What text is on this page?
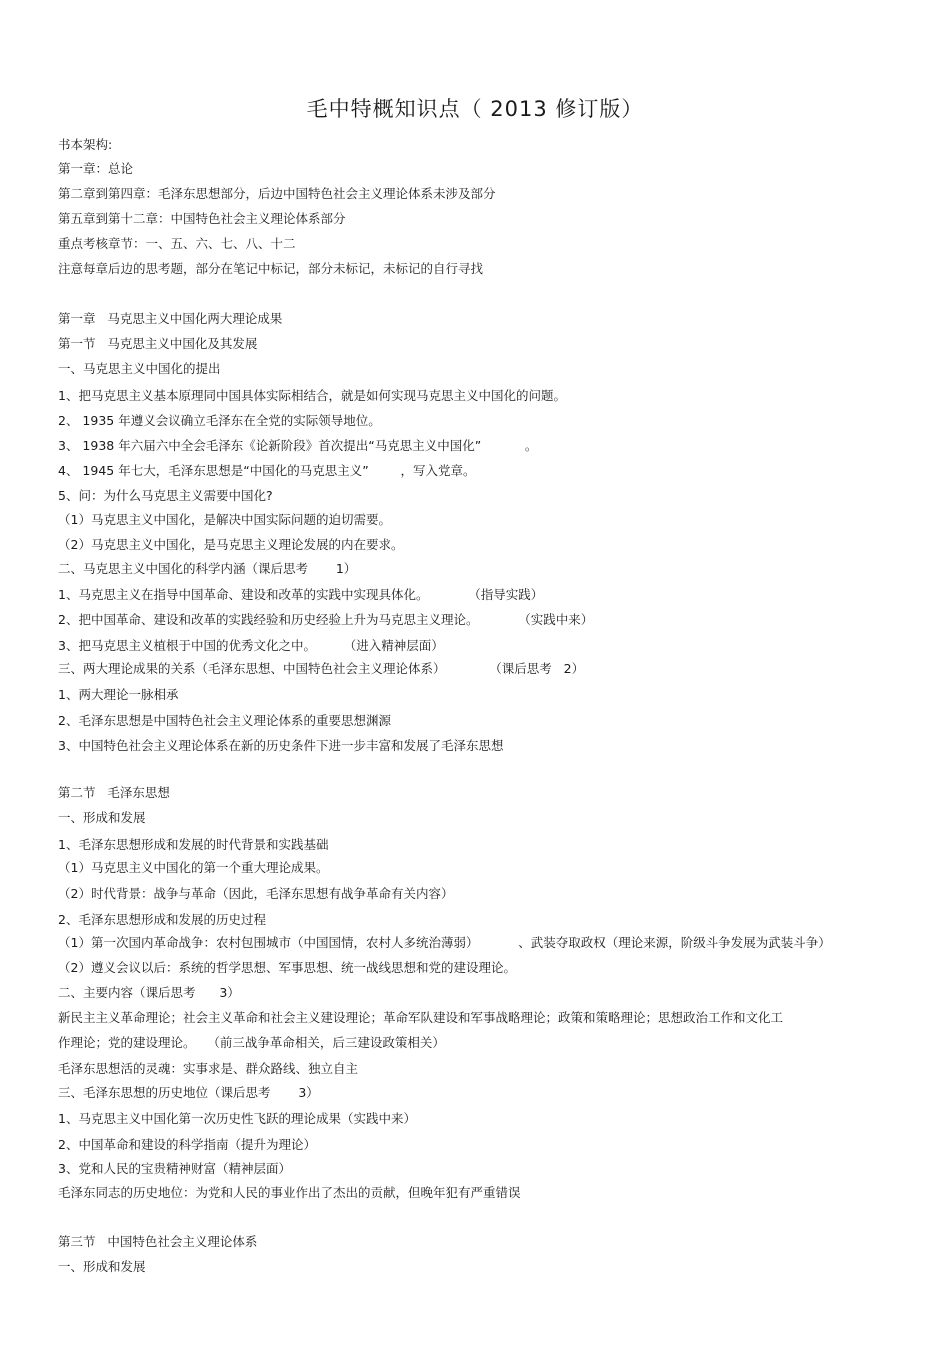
毛中特概知识点（ 2013 修订版）
书本架构:
第一章：总论
第二章到第四章：毛泽东思想部分，后边中国特色社会主义理论体系未涉及部分
第五章到第十二章：中国特色社会主义理论体系部分
重点考核章节：一、五、六、七、八、十二
注意每章后边的思考题，部分在笔记中标记，部分未标记，未标记的自行寻找
第一章   马克思主义中国化两大理论成果
第一节   马克思主义中国化及其发展
一、马克思主义中国化的提出
1、把马克思主义基本原理同中国具体实际相结合，就是如何实现马克思主义中国化的问题。
2、 1935 年遵义会议确立毛泽东在全党的实际领导地位。
3、 1938 年六届六中全会毛泽东《论新阶段》首次提出“马克思主义中国化”           。
4、 1945 年七大，毛泽东思想是“中国化的马克思主义”        ，写入党章。
5、问：为什么马克思主义需要中国化?
（1）马克思主义中国化，是解决中国实际问题的迫切需要。
（2）马克思主义中国化，是马克思主义理论发展的内在要求。
二、马克思主义中国化的科学内涵（课后思考       1）
1、马克思主义在指导中国革命、建设和改革的实践中实现具体化。          （指导实践）
2、把中国革命、建设和改革的实践经验和历史经验上升为马克思主义理论。          （实践中来）
3、把马克思主义植根于中国的优秀文化之中。       （进入精神层面）
三、两大理论成果的关系（毛泽东思想、中国特色社会主义理论体系）           （课后思考   2）
1、两大理论一脉相承
2、毛泽东思想是中国特色社会主义理论体系的重要思想渊源
3、中国特色社会主义理论体系在新的历史条件下进一步丰富和发展了毛泽东思想
第二节   毛泽东思想
一、形成和发展
1、毛泽东思想形成和发展的时代背景和实践基础
（1）马克思主义中国化的第一个重大理论成果。
（2）时代背景：战争与革命（因此，毛泽东思想有战争革命有关内容）
2、毛泽东思想形成和发展的历史过程
（1）第一次国内革命战争：农村包围城市（中国国情，农村人多统治薄弱）          、武装夺取政权（理论来源，阶级斗争发展为武装斗争）
（2）遵义会议以后：系统的哲学思想、军事思想、统一战线思想和党的建设理论。
二、主要内容（课后思考      3）
新民主主义革命理论；社会主义革命和社会主义建设理论；革命军队建设和军事战略理论；政策和策略理论；思想政治工作和文化工
作理论；党的建设理论。   （前三战争革命相关，后三建设政策相关）
毛泽东思想活的灵魂：实事求是、群众路线、独立自主
三、毛泽东思想的历史地位（课后思考       3）
1、马克思主义中国化第一次历史性飞跃的理论成果（实践中来）
2、中国革命和建设的科学指南（提升为理论）
3、党和人民的宝贵精神财富（精神层面）
毛泽东同志的历史地位：为党和人民的事业作出了杰出的贡献，但晚年犯有严重错误
第三节   中国特色社会主义理论体系
一、形成和发展
